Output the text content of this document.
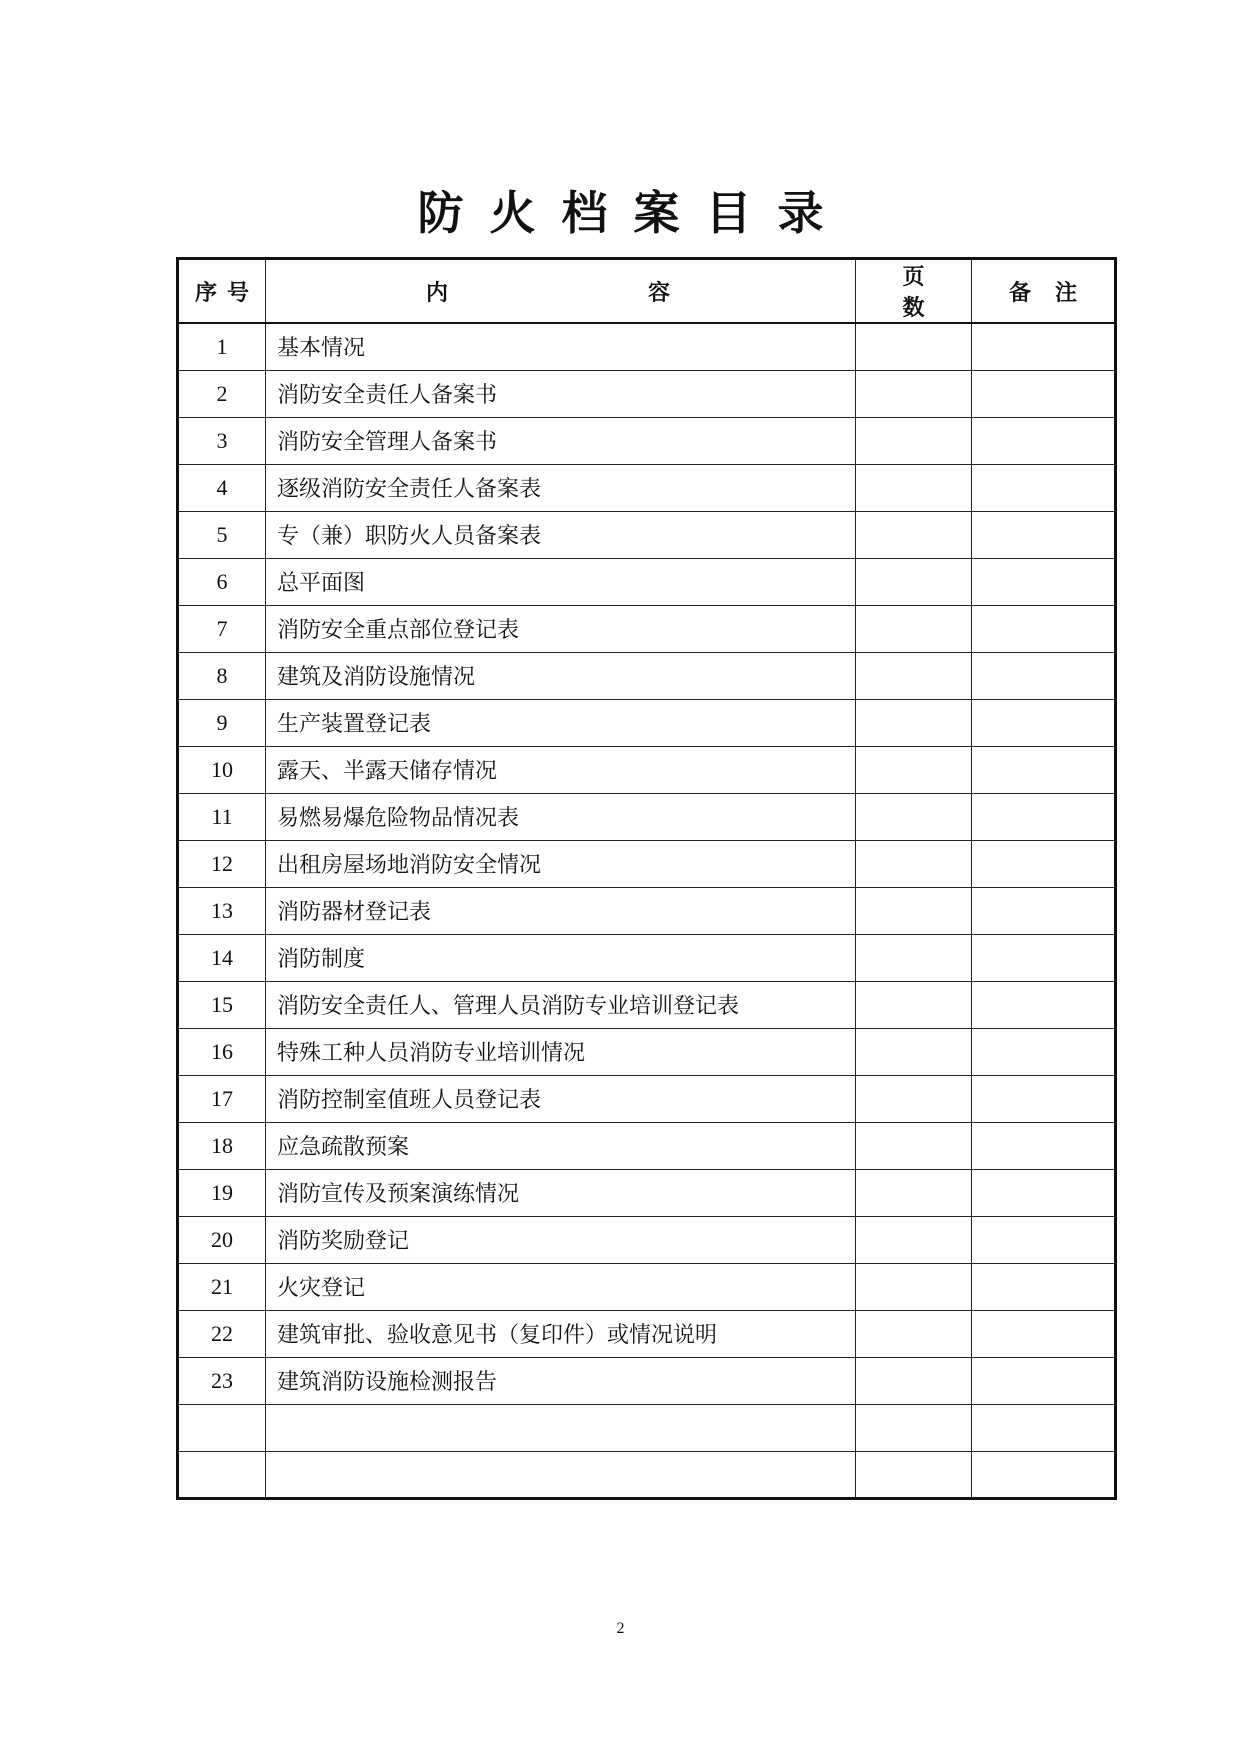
防火档案目录
序号	内 容	页数	备注
1	基本情况		
2	消防安全责任人备案书		
3	消防安全管理人备案书		
4	逐级消防安全责任人备案表		
5	专（兼）职防火人员备案表		
6	总平面图		
7	消防安全重点部位登记表		
8	建筑及消防设施情况		
9	生产装置登记表		
10	露天、半露天储存情况		
11	易燃易爆危险物品情况表		
12	出租房屋场地消防安全情况		
13	消防器材登记表		
14	消防制度		
15	消防安全责任人、管理人员消防专业培训登记表		
16	特殊工种人员消防专业培训情况		
17	消防控制室值班人员登记表		
18	应急疏散预案		
19	消防宣传及预案演练情况		
20	消防奖励登记		
21	火灾登记		
22	建筑审批、验收意见书（复印件）或情况说明		
23	建筑消防设施检测报告		

2
